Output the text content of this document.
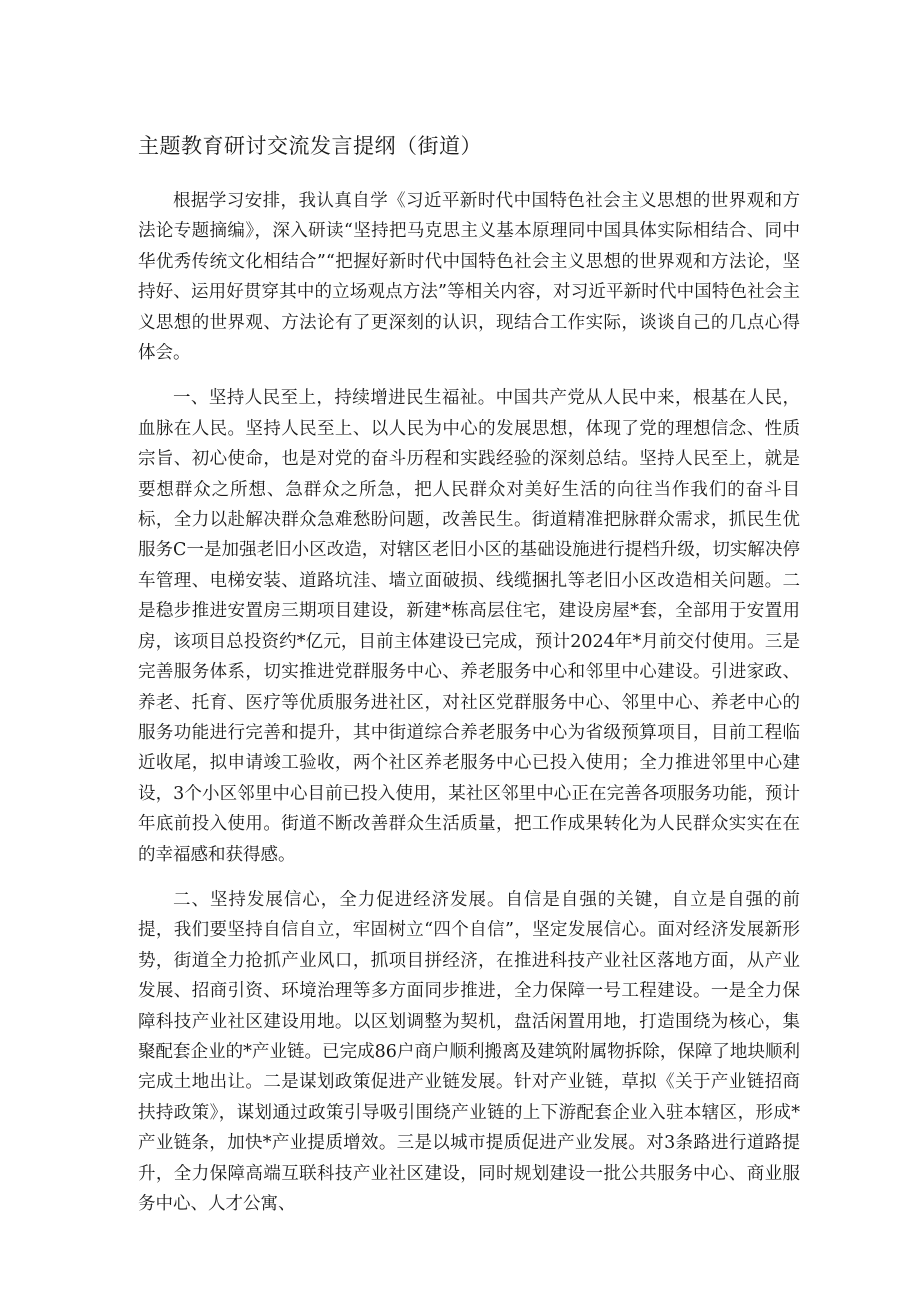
主题教育研讨交流发言提纲（街道）

根据学习安排，我认真自学《习近平新时代中国特色社会主义思想的世界观和方法论专题摘编》，深入研读“坚持把马克思主义基本原理同中国具体实际相结合、同中华优秀传统文化相结合”“把握好新时代中国特色社会主义思想的世界观和方法论，坚持好、运用好贯穿其中的立场观点方法”等相关内容，对习近平新时代中国特色社会主义思想的世界观、方法论有了更深刻的认识，现结合工作实际，谈谈自己的几点心得体会。

一、坚持人民至上，持续增进民生福祉。中国共产党从人民中来，根基在人民，血脉在人民。坚持人民至上、以人民为中心的发展思想，体现了党的理想信念、性质宗旨、初心使命，也是对党的奋斗历程和实践经验的深刻总结。坚持人民至上，就是要想群众之所想、急群众之所急，把人民群众对美好生活的向往当作我们的奋斗目标，全力以赴解决群众急难愁盼问题，改善民生。街道精准把脉群众需求，抓民生优服务C一是加强老旧小区改造，对辖区老旧小区的基础设施进行提档升级，切实解决停车管理、电梯安装、道路坑洼、墙立面破损、线缆捆扎等老旧小区改造相关问题。二是稳步推进安置房三期项目建设，新建*栋高层住宅，建设房屋*套，全部用于安置用房，该项目总投资约*亿元，目前主体建设已完成，预计2024年*月前交付使用。三是完善服务体系，切实推进党群服务中心、养老服务中心和邻里中心建设。引进家政、养老、托育、医疗等优质服务进社区，对社区党群服务中心、邻里中心、养老中心的服务功能进行完善和提升，其中街道综合养老服务中心为省级预算项目，目前工程临近收尾，拟申请竣工验收，两个社区养老服务中心已投入使用；全力推进邻里中心建设，3个小区邻里中心目前已投入使用，某社区邻里中心正在完善各项服务功能，预计年底前投入使用。街道不断改善群众生活质量，把工作成果转化为人民群众实实在在的幸福感和获得感。

二、坚持发展信心，全力促进经济发展。自信是自强的关键，自立是自强的前提，我们要坚持自信自立，牢固树立“四个自信”，坚定发展信心。面对经济发展新形势，街道全力抢抓产业风口，抓项目拼经济，在推进科技产业社区落地方面，从产业发展、招商引资、环境治理等多方面同步推进，全力保障一号工程建设。一是全力保障科技产业社区建设用地。以区划调整为契机，盘活闲置用地，打造围绕为核心，集聚配套企业的*产业链。已完成86户商户顺利搬离及建筑附属物拆除，保障了地块顺利完成土地出让。二是谋划政策促进产业链发展。针对产业链，草拟《关于产业链招商扶持政策》，谋划通过政策引导吸引围绕产业链的上下游配套企业入驻本辖区，形成*产业链条，加快*产业提质增效。三是以城市提质促进产业发展。对3条路进行道路提升，全力保障高端互联科技产业社区建设，同时规划建设一批公共服务中心、商业服务中心、人才公寓、
